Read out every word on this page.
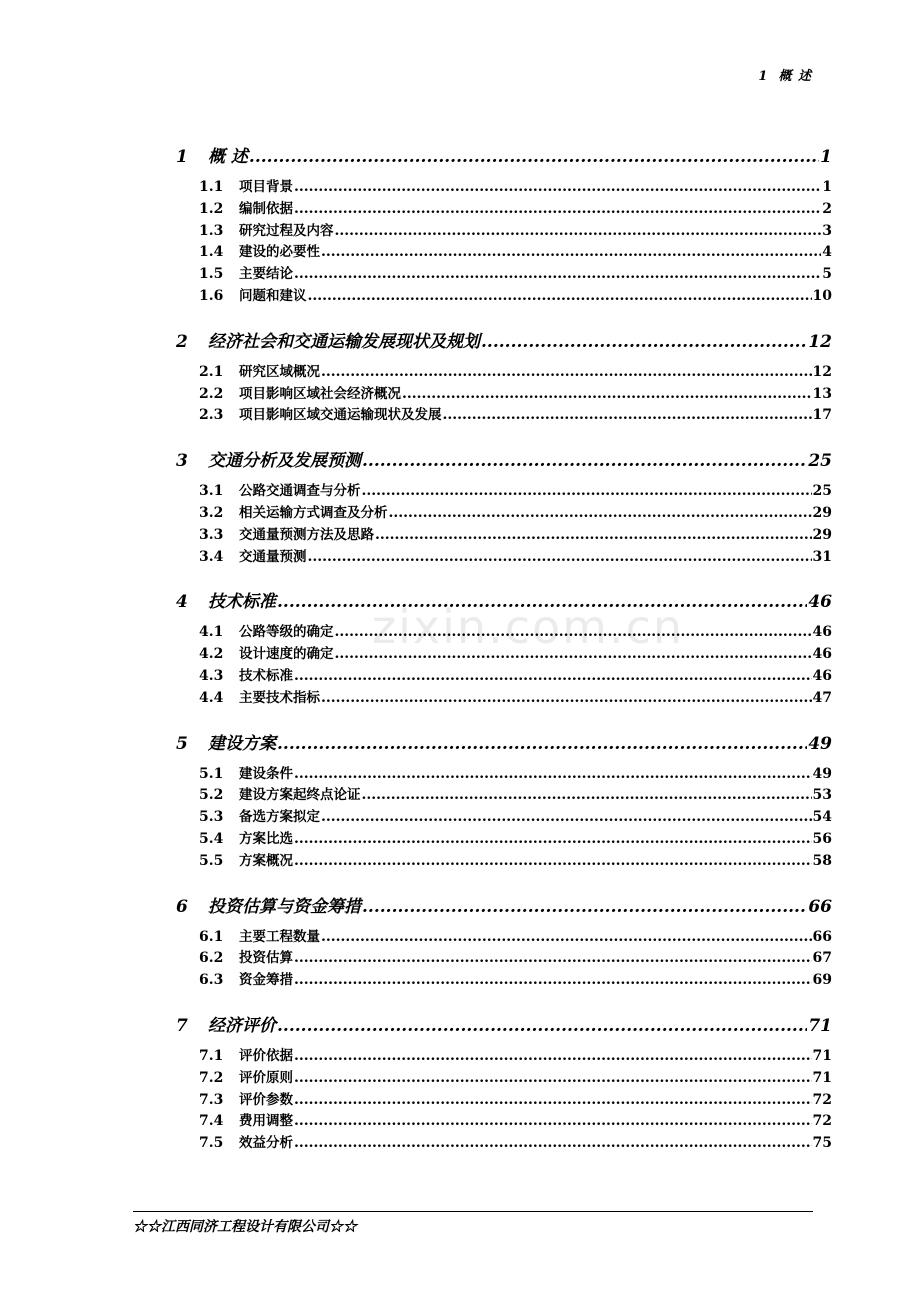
1 概 述
zixin.com.cn
1	概 述 .....	1
1.1	项目背景 .....	1
1.2	编制依据 .....	2
1.3	研究过程及内容 .....	3
1.4	建设的必要性 .....	4
1.5	主要结论 .....	5
1.6	问题和建议 .....	10
2	经济社会和交通运输发展现状及规划 .....	12
2.1	研究区域概况 .....	12
2.2	项目影响区域社会经济概况 .....	13
2.3	项目影响区域交通运输现状及发展 .....	17
3	交通分析及发展预测 .....	25
3.1	公路交通调查与分析 .....	25
3.2	相关运输方式调查及分析 .....	29
3.3	交通量预测方法及思路 .....	29
3.4	交通量预测 .....	31
4	技术标准 .....	46
4.1	公路等级的确定 .....	46
4.2	设计速度的确定 .....	46
4.3	技术标准 .....	46
4.4	主要技术指标 .....	47
5	建设方案 .....	49
5.1	建设条件 .....	49
5.2	建设方案起终点论证 .....	53
5.3	备选方案拟定 .....	54
5.4	方案比选 .....	56
5.5	方案概况 .....	58
6	投资估算与资金筹措 .....	66
6.1	主要工程数量 .....	66
6.2	投资估算 .....	67
6.3	资金筹措 .....	69
7	经济评价 .....	71
7.1	评价依据 .....	71
7.2	评价原则 .....	71
7.3	评价参数 .....	72
7.4	费用调整 .....	72
7.5	效益分析 .....	75
☆☆江西同济工程设计有限公司☆☆
